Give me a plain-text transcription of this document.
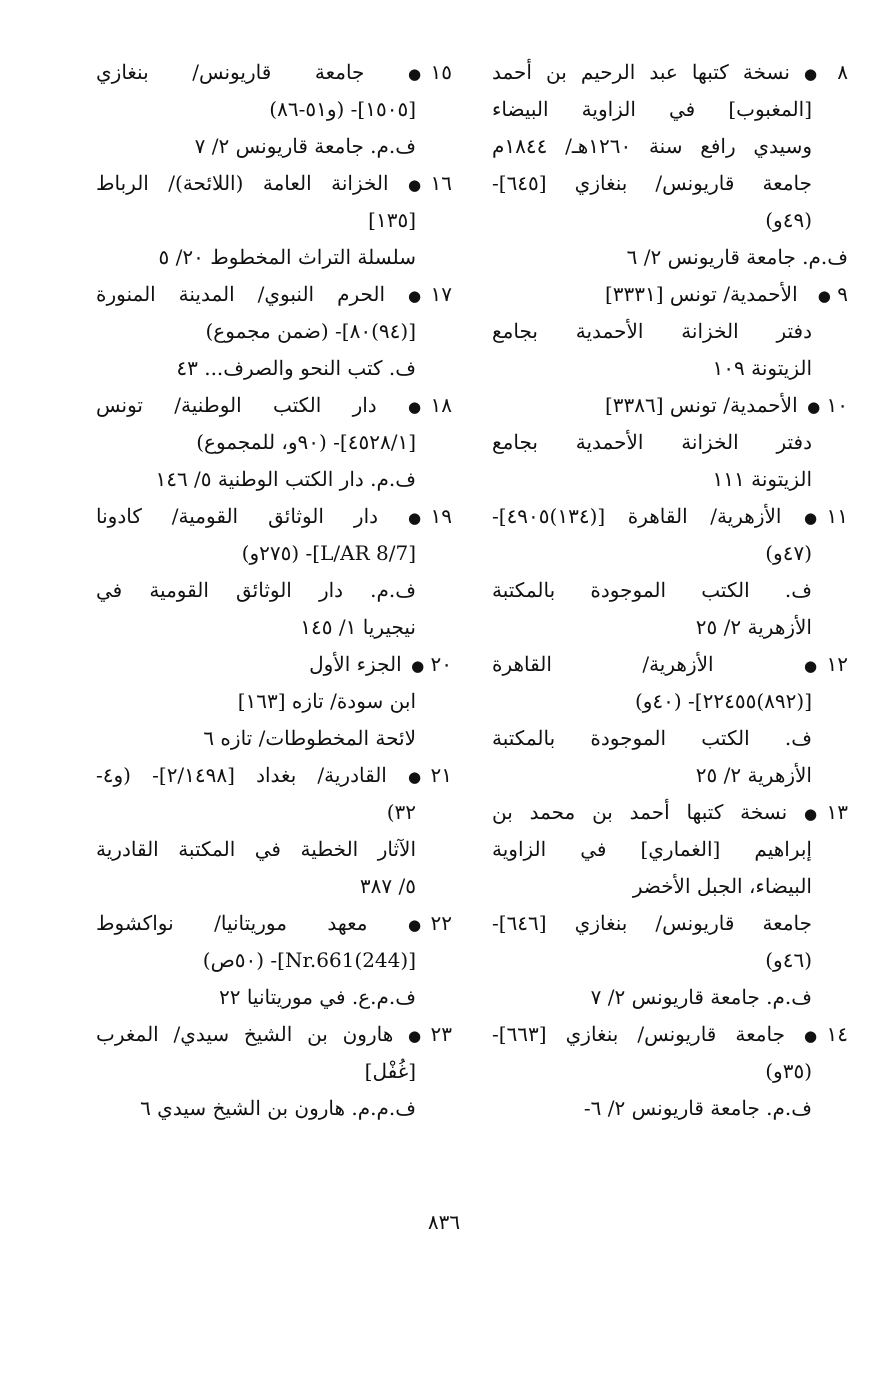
٨ ● نسخة كتبها عبد الرحيم بن أحمد
[المغبوب] في الزاوية البيضاء
وسيدي رافع سنة ١٢٦٠هـ/ ١٨٤٤م
جامعة قاريونس/ بنغازي [٦٤٥]-
(٤٩و)
ف.م. جامعة قاريونس ٢/ ٦
٩ ● الأحمدية/ تونس [٣٣٣١]
دفتر الخزانة الأحمدية بجامع
الزيتونة ١٠٩
١٠ ● الأحمدية/ تونس [٣٣٨٦]
دفتر الخزانة الأحمدية بجامع
الزيتونة ١١١
١١ ● الأزهرية/ القاهرة [(١٣٤)٤٩٠٥]-
(٤٧و)
ف. الكتب الموجودة بالمكتبة
الأزهرية ٢/ ٢٥
١٢ ● الأزهرية/ القاهرة
[(٨٩٢)٢٢٤٥٥]- (٤٠و)
ف. الكتب الموجودة بالمكتبة
الأزهرية ٢/ ٢٥
١٣ ● نسخة كتبها أحمد بن محمد بن
إبراهيم [الغماري] في الزاوية
البيضاء، الجبل الأخضر
جامعة قاريونس/ بنغازي [٦٤٦]-
(٤٦و)
ف.م. جامعة قاريونس ٢/ ٧
١٤ ● جامعة قاريونس/ بنغازي [٦٦٣]-
(٣٥و)
ف.م. جامعة قاريونس ٢/ ٦-
١٥ ● جامعة قاريونس/ بنغازي
[١٥٠٥]- (و٥١-٨٦)
ف.م. جامعة قاريونس ٢/ ٧
١٦ ● الخزانة العامة (اللائحة)/ الرباط
[١٣٥]
سلسلة التراث المخطوط ٢٠/ ٥
١٧ ● الحرم النبوي/ المدينة المنورة
[(٩٤)٨٠]- (ضمن مجموع)
ف. كتب النحو والصرف... ٤٣
١٨ ● دار الكتب الوطنية/ تونس
[٤٥٢٨/١]- (٩٠و، للمجموع)
ف.م. دار الكتب الوطنية ٥/ ١٤٦
١٩ ● دار الوثائق القومية/ كادونا
[L/AR 8/7]- (٢٧٥و)
ف.م. دار الوثائق القومية في
نيجيريا ١/ ١٤٥
٢٠ ● الجزء الأول
ابن سودة/ تازه [١٦٣]
لائحة المخطوطات/ تازه ٦
٢١ ● القادرية/ بغداد [٢/١٤٩٨]- (و٤-
٣٢)
الآثار الخطية في المكتبة القادرية
٥/ ٣٨٧
٢٢ ● معهد موريتانيا/ نواكشوط
[Nr.661(244)]- (٥٠ص)
ف.م.ع. في موريتانيا ٢٢
٢٣ ● هارون بن الشيخ سيدي/ المغرب
[غُفْل]
ف.م.م. هارون بن الشيخ سيدي ٦
٨٣٦
